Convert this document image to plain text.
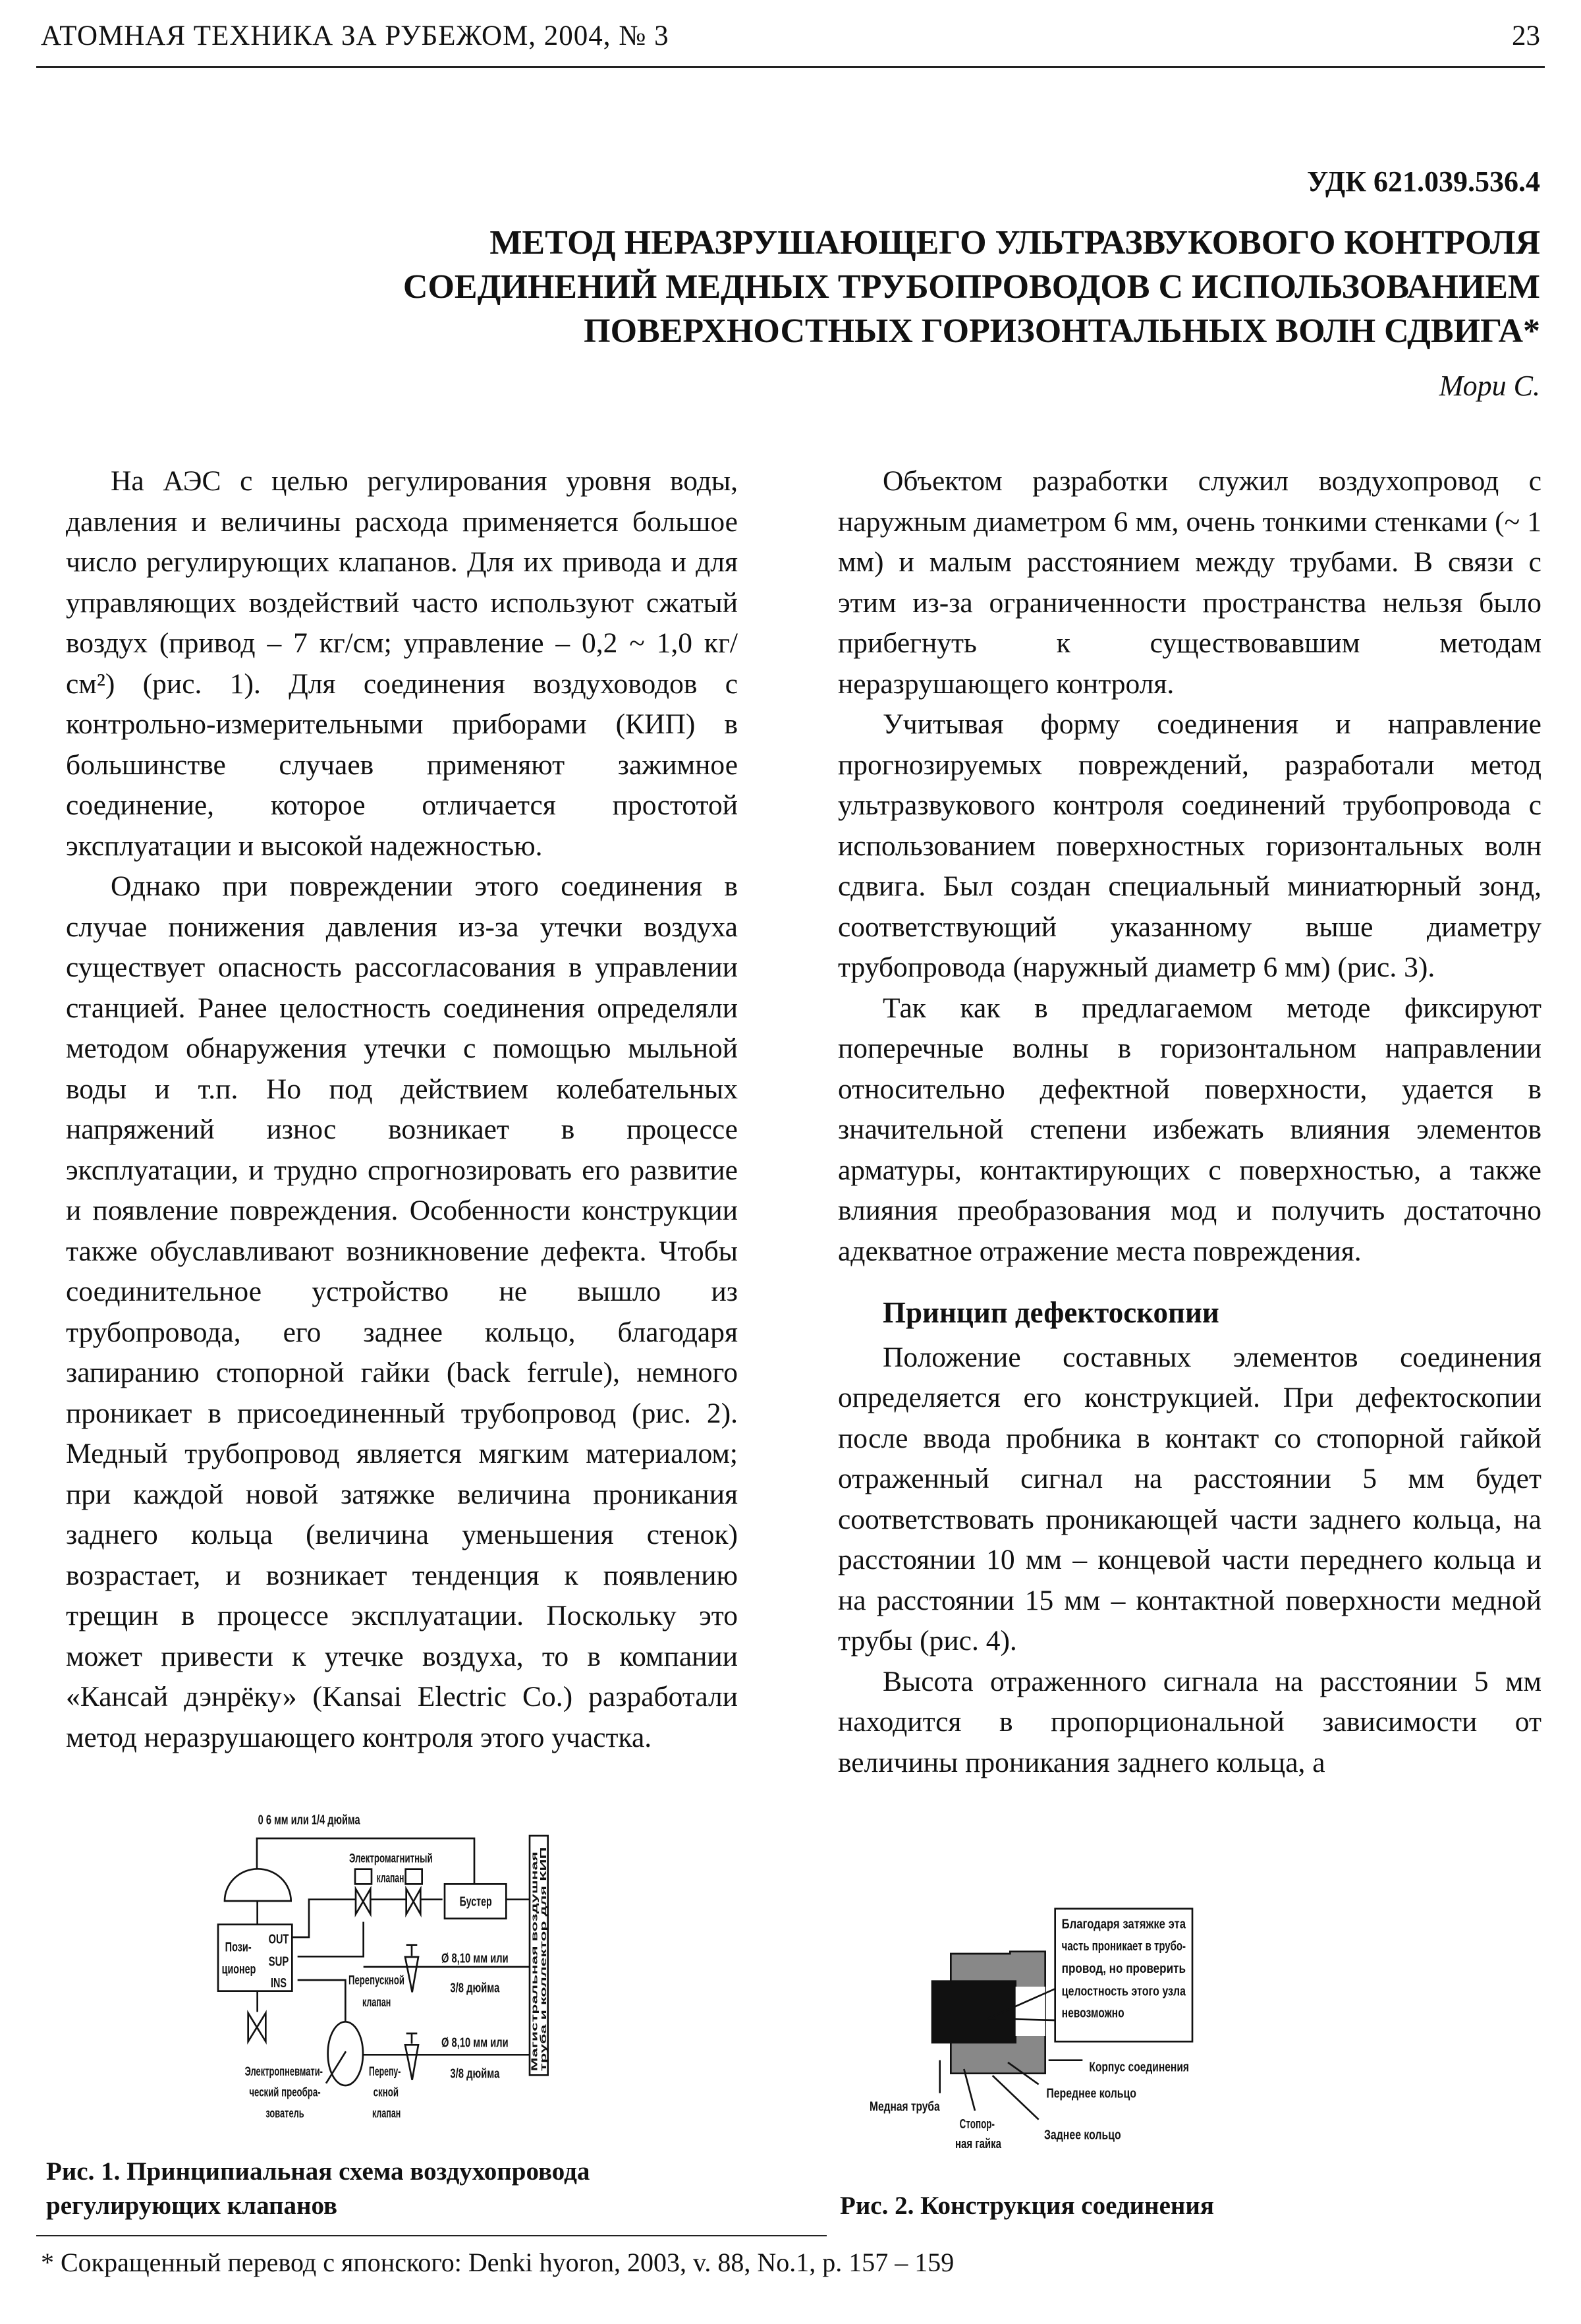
АТОМНАЯ ТЕХНИКА ЗА РУБЕЖОМ, 2004, № 3	23
УДК 621.039.536.4
МЕТОД НЕРАЗРУШАЮЩЕГО УЛЬТРАЗВУКОВОГО КОНТРОЛЯ
СОЕДИНЕНИЙ МЕДНЫХ ТРУБОПРОВОДОВ С ИСПОЛЬЗОВАНИЕМ
ПОВЕРХНОСТНЫХ ГОРИЗОНТАЛЬНЫХ ВОЛН СДВИГА*
Мори С.

На АЭС с целью регулирования уровня воды, давления и величины расхода применяется большое число регулирующих клапанов. Для их привода и для управляющих воздействий часто используют сжатый воздух (привод – 7 кг/см; управление – 0,2 ~ 1,0 кг/см²) (рис. 1). Для соединения воздуховодов с контрольно-измерительными приборами (КИП) в большинстве случаев применяют зажимное соединение, которое отличается простотой эксплуатации и высокой надежностью.

Однако при повреждении этого соединения в случае понижения давления из-за утечки воздуха существует опасность рассогласования в управлении станцией. Ранее целостность соединения определяли методом обнаружения утечки с помощью мыльной воды и т.п. Но под действием колебательных напряжений износ возникает в процессе эксплуатации, и трудно спрогнозировать его развитие и появление повреждения. Особенности конструкции также обуславливают возникновение дефекта. Чтобы соединительное устройство не вышло из трубопровода, его заднее кольцо, благодаря запиранию стопорной гайки (back ferrule), немного проникает в присоединенный трубопровод (рис. 2). Медный трубопровод является мягким материалом; при каждой новой затяжке величина проникания заднего кольца (величина уменьшения стенок) возрастает, и возникает тенденция к появлению трещин в процессе эксплуатации. Поскольку это может привести к утечке воздуха, то в компании «Кансай дэнрёку» (Kansai Electric Co.) разработали метод неразрушающего контроля этого участка.

Объектом разработки служил воздухопровод с наружным диаметром 6 мм, очень тонкими стенками (~ 1 мм) и малым расстоянием между трубами. В связи с этим из-за ограниченности пространства нельзя было прибегнуть к существовавшим методам неразрушающего контроля.

Учитывая форму соединения и направление прогнозируемых повреждений, разработали метод ультразвукового контроля соединений трубопровода с использованием поверхностных горизонтальных волн сдвига. Был создан специальный миниатюрный зонд, соответствующий указанному выше диаметру трубопровода (наружный диаметр 6 мм) (рис. 3).

Так как в предлагаемом методе фиксируют поперечные волны в горизонтальном направлении относительно дефектной поверхности, удается в значительной степени избежать влияния элементов арматуры, контактирующих с поверхностью, а также влияния преобразования мод и получить достаточно адекватное отражение места повреждения.

Принцип дефектоскопии

Положение составных элементов соединения определяется его конструкцией. При дефектоскопии после ввода пробника в контакт со стопорной гайкой отраженный сигнал на расстоянии 5 мм будет соответствовать проникающей части заднего кольца, на расстоянии 10 мм – концевой части переднего кольца и на расстоянии 15 мм – контактной поверхности медной трубы (рис. 4).

Высота отраженного сигнала на расстоянии 5 мм находится в пропорциональной зависимости от величины проникания заднего кольца, а

0 6 мм или 1/4 дюйма
Пози-
ционер
OUT
SUP
INS
Электромагнитный
клапан
Бустер
Ø 8,10 мм или
3/8 дюйма
Перепускной
клапан
Ø 8,10 мм или
3/8 дюйма
Перепу-
скной
клапан
Электропневмати-
ческий преобра-
зователь
Магистральная воздушная
труба и коллектор для КИП
Рис. 1. Принципиальная схема воздухопровода регулирующих клапанов
Благодаря затяжке эта
часть проникает в трубо-
провод, но проверить
целостность этого узла
невозможно
Корпус соединения
Переднее кольцо
Медная труба
Стопор-
ная гайка
Заднее кольцо
Рис. 2. Конструкция соединения
* Сокращенный перевод с японского: Denki hyoron, 2003, v. 88, No.1, p. 157 – 159
